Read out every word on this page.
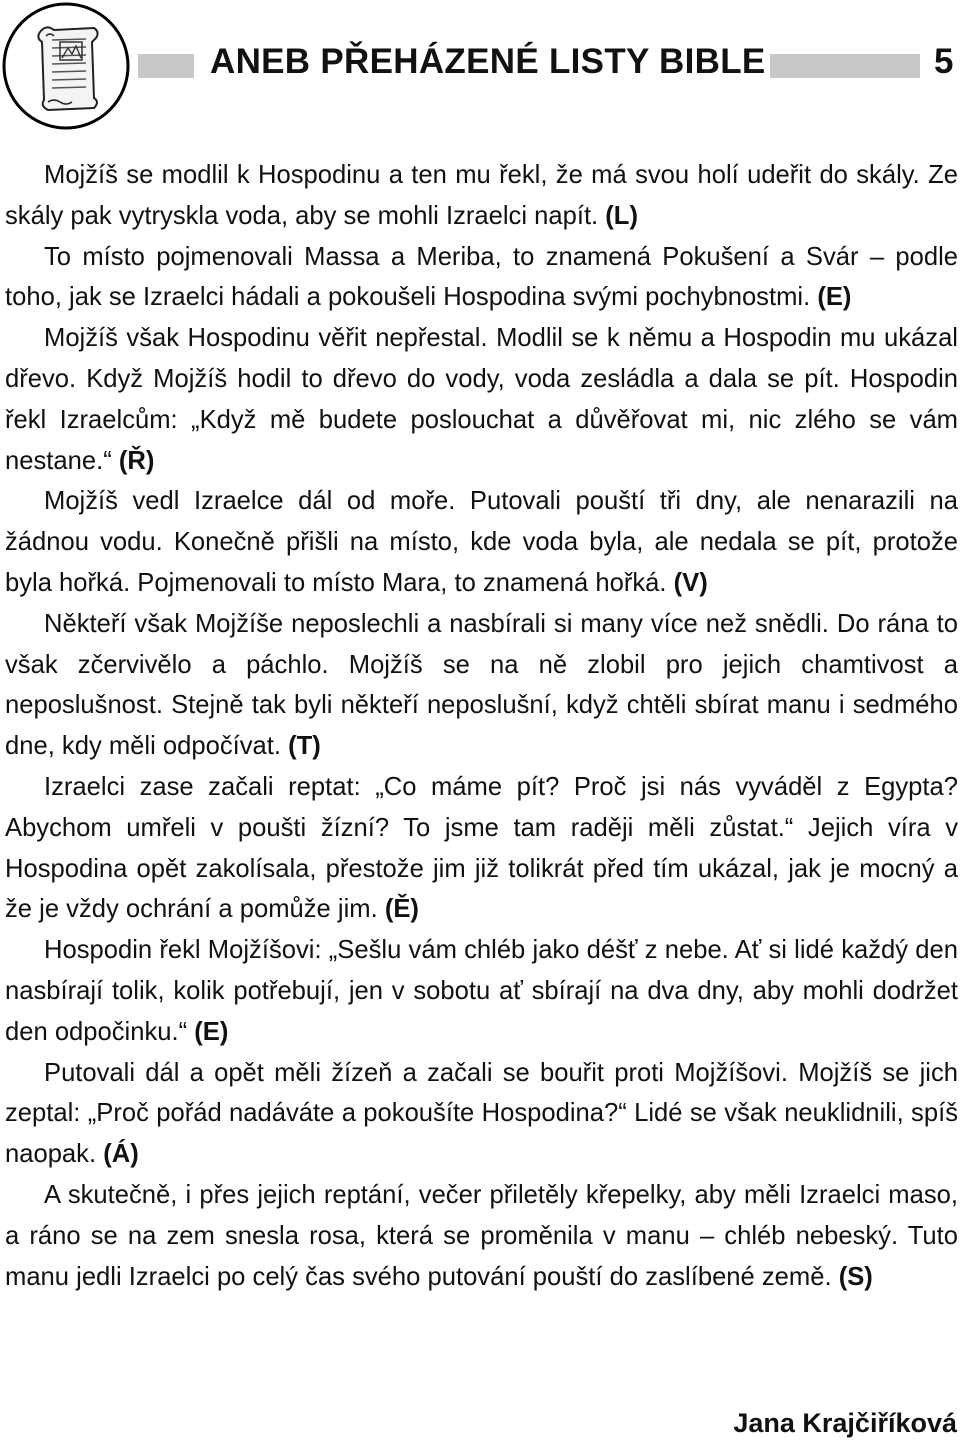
ANEB PŘEHÁZENÉ LISTY BIBLE	5

Mojžíš se modlil k Hospodinu a ten mu řekl, že má svou holí udeřit do skály. Ze skály pak vytryskla voda, aby se mohli Izraelci napít. (L)

To místo pojmenovali Massa a Meriba, to znamená Pokušení a Svár – podle toho, jak se Izraelci hádali a pokoušeli Hospodina svými pochybnostmi. (E)

Mojžíš však Hospodinu věřit nepřestal. Modlil se k němu a Hospodin mu ukázal dřevo. Když Mojžíš hodil to dřevo do vody, voda zesládla a dala se pít. Hospodin řekl Izraelcům: „Když mě budete poslouchat a důvěřovat mi, nic zlého se vám nestane.“ (Ř)

Mojžíš vedl Izraelce dál od moře. Putovali pouští tři dny, ale nenarazili na žádnou vodu. Konečně přišli na místo, kde voda byla, ale nedala se pít, protože byla hořká. Pojmenovali to místo Mara, to znamená hořká. (V)

Někteří však Mojžíše neposlechli a nasbírali si many více než snědli. Do rána to však zčervivělo a páchlo. Mojžíš se na ně zlobil pro jejich chamtivost a neposlušnost. Stejně tak byli někteří neposlušní, když chtěli sbírat manu i sedmého dne, kdy měli odpočívat. (T)

Izraelci zase začali reptat: „Co máme pít? Proč jsi nás vyváděl z Egypta? Abychom umřeli v poušti žízní? To jsme tam raději měli zůstat.“ Jejich víra v Hospodina opět zakolísala, přestože jim již tolikrát před tím ukázal, jak je mocný a že je vždy ochrání a pomůže jim. (Ě)

Hospodin řekl Mojžíšovi: „Sešlu vám chléb jako déšť z nebe. Ať si lidé každý den nasbírají tolik, kolik potřebují, jen v sobotu ať sbírají na dva dny, aby mohli dodržet den odpočinku.“ (E)

Putovali dál a opět měli žízeň a začali se bouřit proti Mojžíšovi. Mojžíš se jich zeptal: „Proč pořád nadáváte a pokoušíte Hospodina?“ Lidé se však neuklidnili, spíš naopak. (Á)

A skutečně, i přes jejich reptání, večer přiletěly křepelky, aby měli Izraelci maso, a ráno se na zem snesla rosa, která se proměnila v manu – chléb nebeský. Tuto manu jedli Izraelci po celý čas svého putování pouští do zaslíbené země. (S)

Jana Krajčiříková
